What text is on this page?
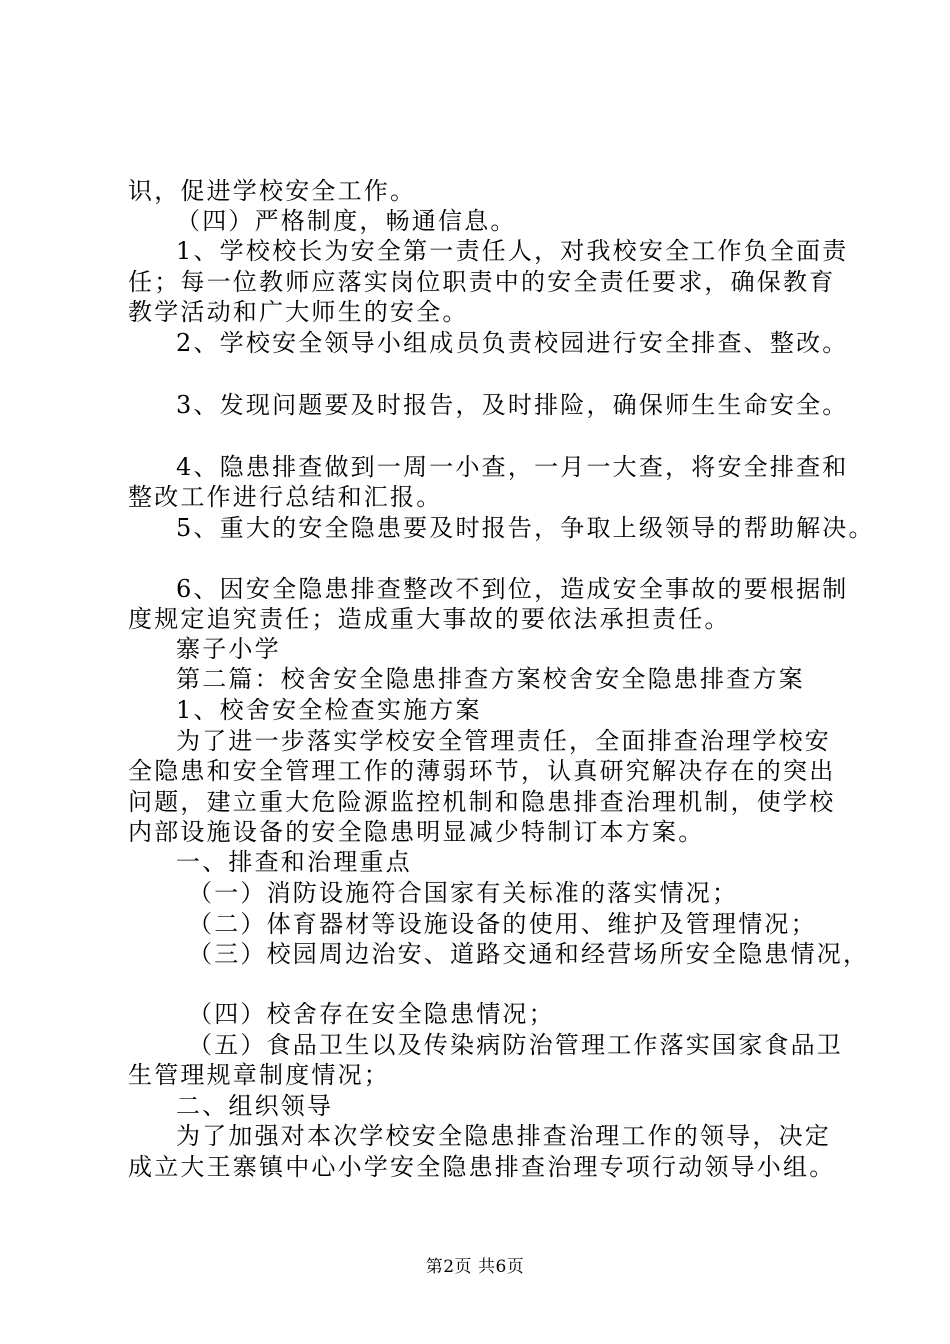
识，促进学校安全工作。
（四）严格制度，畅通信息。
1、学校校长为安全第一责任人，对我校安全工作负全面责
任；每一位教师应落实岗位职责中的安全责任要求，确保教育
教学活动和广大师生的安全。
2、学校安全领导小组成员负责校园进行安全排查、整改。
3、发现问题要及时报告，及时排险，确保师生生命安全。
4、隐患排查做到一周一小查，一月一大查，将安全排查和
整改工作进行总结和汇报。
5、重大的安全隐患要及时报告，争取上级领导的帮助解决。
6、因安全隐患排查整改不到位，造成安全事故的要根据制
度规定追究责任；造成重大事故的要依法承担责任。
寨子小学
第二篇：校舍安全隐患排查方案校舍安全隐患排查方案
1、校舍安全检查实施方案
为了进一步落实学校安全管理责任，全面排查治理学校安
全隐患和安全管理工作的薄弱环节，认真研究解决存在的突出
问题，建立重大危险源监控机制和隐患排查治理机制，使学校
内部设施设备的安全隐患明显减少特制订本方案。
一、排查和治理重点
（一）消防设施符合国家有关标准的落实情况；
（二）体育器材等设施设备的使用、维护及管理情况；
（三）校园周边治安、道路交通和经营场所安全隐患情况，
（四）校舍存在安全隐患情况；
（五）食品卫生以及传染病防治管理工作落实国家食品卫
生管理规章制度情况；
二、组织领导
为了加强对本次学校安全隐患排查治理工作的领导，决定
成立大王寨镇中心小学安全隐患排查治理专项行动领导小组。
第2页 共6页
